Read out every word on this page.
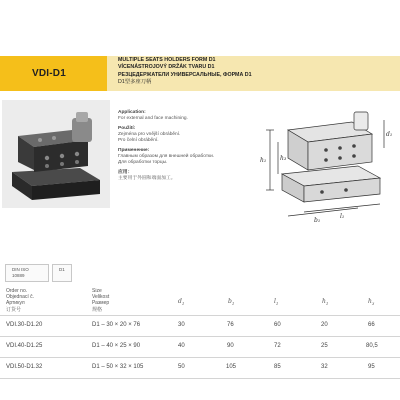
VDI-D1
MULTIPLE SEATS HOLDERS FORM D1
VÍCENÁSTROJOVÝ DRŽÁK TVARU D1
РЕЗЦЕДЕРЖАТЕЛИ УНИВЕРСАЛЬНЫЕ, ФОРМА D1
D1型多座刀柄
Application:
For external and face machining.
Použití:
Zejména pro vnější obrábění.
Pro čelní obrábění.
Применение:
Главным образом для внешней обработки.
Для обработки торцы.
应用：
主要用于外圆和端面加工。
h₁ h₃
d₁
l₁
b₁
DIN ISO 10889
D1
Order no.
Objednací č.
Артикул
订货号
Size
Velikost
Размер
规格
$d_1$	$b_1$	$l_1$	$h_1$	$h_3$
VDI.30-D1.20	D1 – 30 × 20 × 76	30	76	60	20	66
VDI.40-D1.25	D1 – 40 × 25 × 90	40	90	72	25	80,5
VDI.50-D1.32	D1 – 50 × 32 × 105	50	105	85	32	95
